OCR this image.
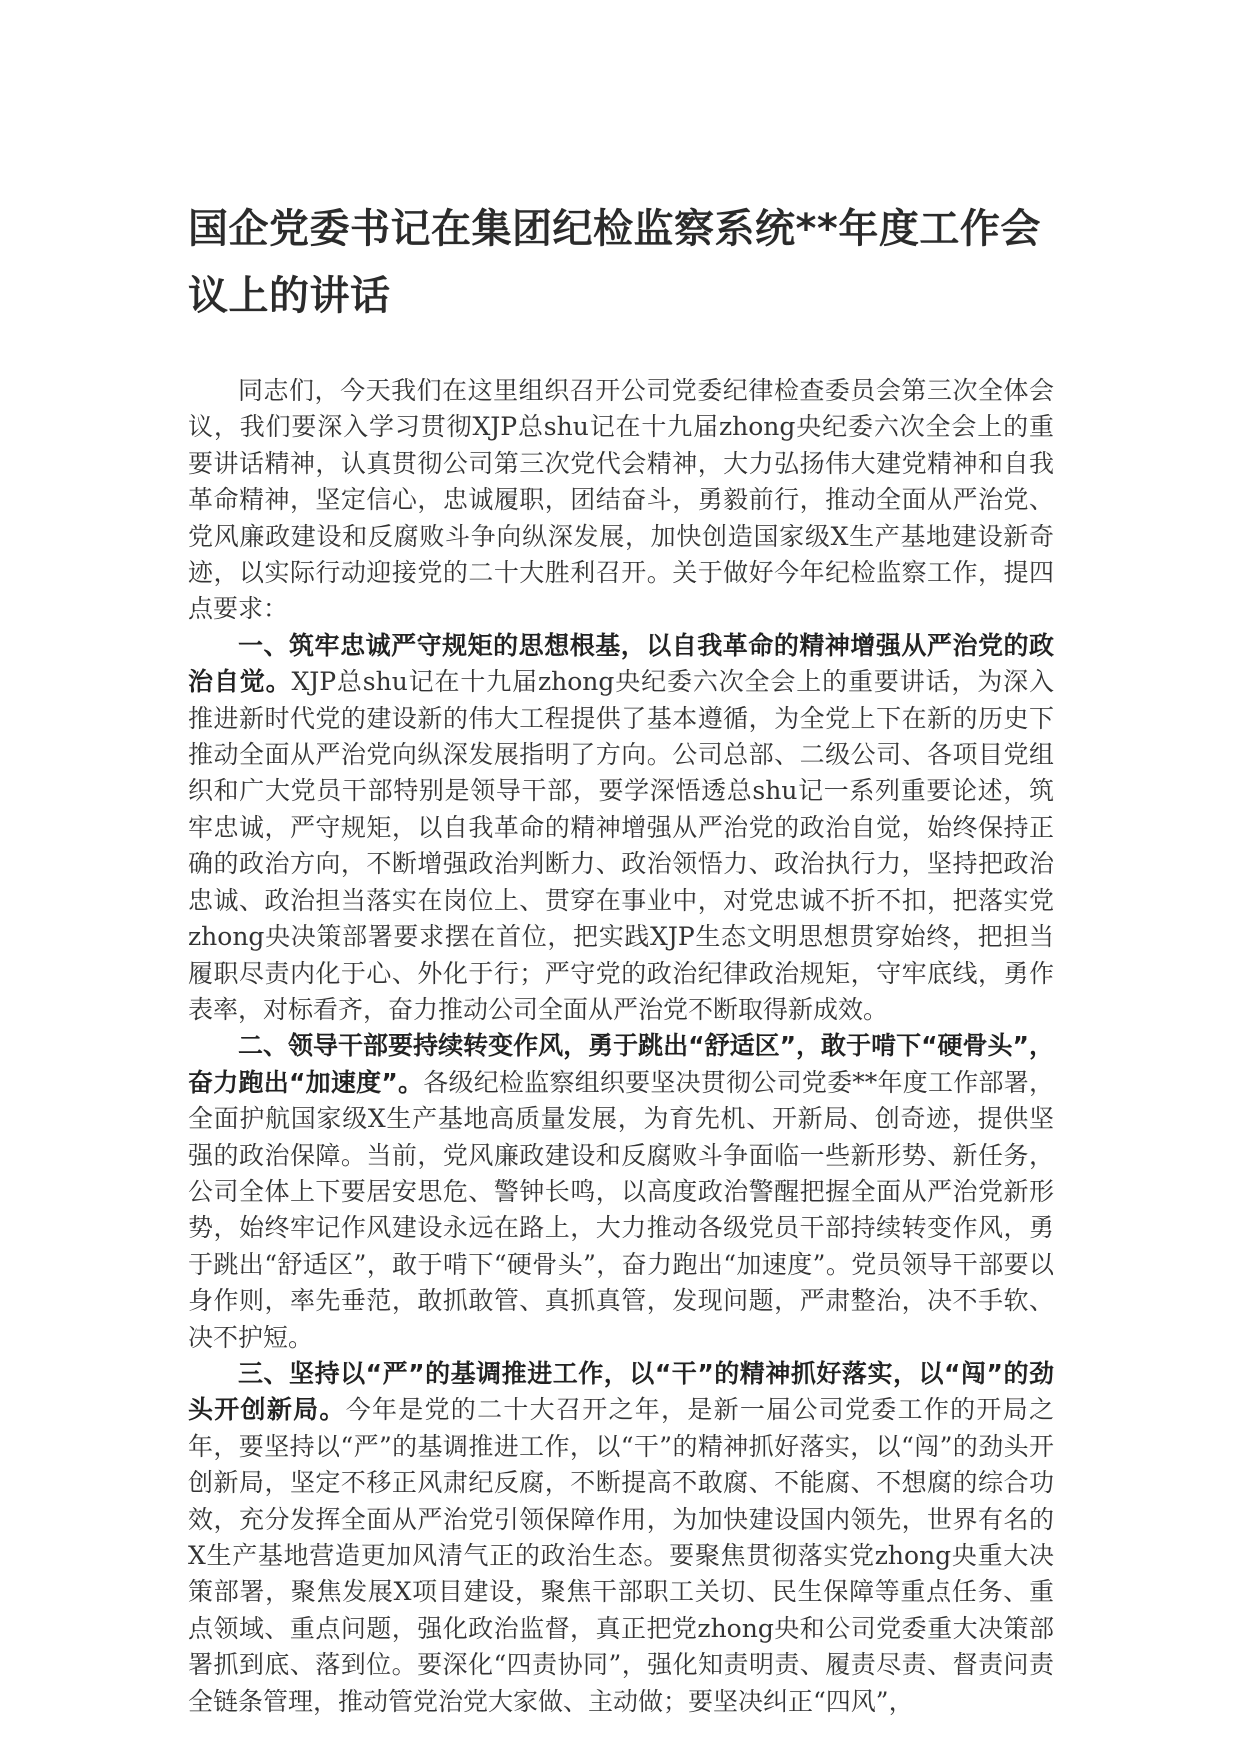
国企党委书记在集团纪检监察系统**年度工作会议上的讲话

同志们，今天我们在这里组织召开公司党委纪律检查委员会第三次全体会议，我们要深入学习贯彻XJP总shu记在十九届zhong央纪委六次全会上的重要讲话精神，认真贯彻公司第三次党代会精神，大力弘扬伟大建党精神和自我革命精神，坚定信心，忠诚履职，团结奋斗，勇毅前行，推动全面从严治党、党风廉政建设和反腐败斗争向纵深发展，加快创造国家级X生产基地建设新奇迹，以实际行动迎接党的二十大胜利召开。关于做好今年纪检监察工作，提四点要求：

一、筑牢忠诚严守规矩的思想根基，以自我革命的精神增强从严治党的政治自觉。XJP总shu记在十九届zhong央纪委六次全会上的重要讲话，为深入推进新时代党的建设新的伟大工程提供了基本遵循，为全党上下在新的历史下推动全面从严治党向纵深发展指明了方向。公司总部、二级公司、各项目党组织和广大党员干部特别是领导干部，要学深悟透总shu记一系列重要论述，筑牢忠诚，严守规矩，以自我革命的精神增强从严治党的政治自觉，始终保持正确的政治方向，不断增强政治判断力、政治领悟力、政治执行力，坚持把政治忠诚、政治担当落实在岗位上、贯穿在事业中，对党忠诚不折不扣，把落实党zhong央决策部署要求摆在首位，把实践XJP生态文明思想贯穿始终，把担当履职尽责内化于心、外化于行；严守党的政治纪律政治规矩，守牢底线，勇作表率，对标看齐，奋力推动公司全面从严治党不断取得新成效。

二、领导干部要持续转变作风，勇于跳出“舒适区”，敢于啃下“硬骨头”，奋力跑出“加速度”。各级纪检监察组织要坚决贯彻公司党委**年度工作部署，全面护航国家级X生产基地高质量发展，为育先机、开新局、创奇迹，提供坚强的政治保障。当前，党风廉政建设和反腐败斗争面临一些新形势、新任务，公司全体上下要居安思危、警钟长鸣，以高度政治警醒把握全面从严治党新形势，始终牢记作风建设永远在路上，大力推动各级党员干部持续转变作风，勇于跳出“舒适区”，敢于啃下“硬骨头”，奋力跑出“加速度”。党员领导干部要以身作则，率先垂范，敢抓敢管、真抓真管，发现问题，严肃整治，决不手软、决不护短。

三、坚持以“严”的基调推进工作，以“干”的精神抓好落实，以“闯”的劲头开创新局。今年是党的二十大召开之年，是新一届公司党委工作的开局之年，要坚持以“严”的基调推进工作，以“干”的精神抓好落实，以“闯”的劲头开创新局，坚定不移正风肃纪反腐，不断提高不敢腐、不能腐、不想腐的综合功效，充分发挥全面从严治党引领保障作用，为加快建设国内领先，世界有名的X生产基地营造更加风清气正的政治生态。要聚焦贯彻落实党zhong央重大决策部署，聚焦发展X项目建设，聚焦干部职工关切、民生保障等重点任务、重点领域、重点问题，强化政治监督，真正把党zhong央和公司党委重大决策部署抓到底、落到位。要深化“四责协同”，强化知责明责、履责尽责、督责问责全链条管理，推动管党治党大家做、主动做；要坚决纠正“四风”，
